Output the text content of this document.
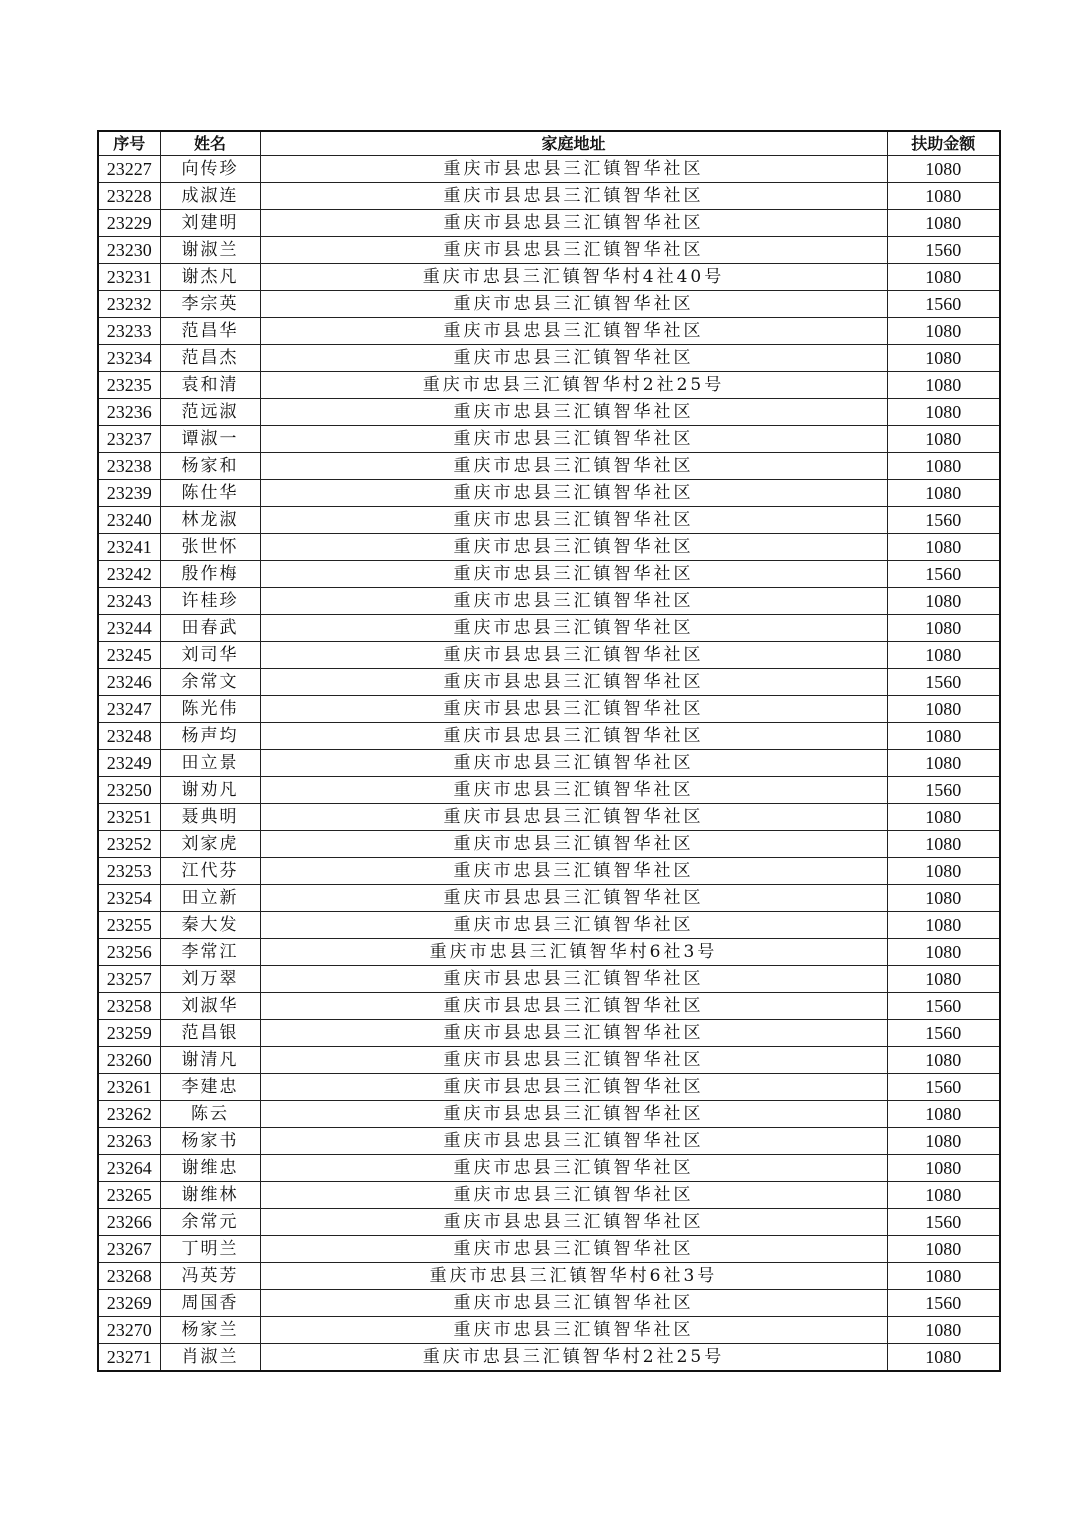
序号	姓名	家庭地址	扶助金额
23227	向传珍	重庆市县忠县三汇镇智华社区	1080
23228	成淑连	重庆市县忠县三汇镇智华社区	1080
23229	刘建明	重庆市县忠县三汇镇智华社区	1080
23230	谢淑兰	重庆市县忠县三汇镇智华社区	1560
23231	谢杰凡	重庆市忠县三汇镇智华村4社40号	1080
23232	李宗英	重庆市忠县三汇镇智华社区	1560
23233	范昌华	重庆市县忠县三汇镇智华社区	1080
23234	范昌杰	重庆市忠县三汇镇智华社区	1080
23235	袁和清	重庆市忠县三汇镇智华村2社25号	1080
23236	范远淑	重庆市忠县三汇镇智华社区	1080
23237	谭淑一	重庆市忠县三汇镇智华社区	1080
23238	杨家和	重庆市忠县三汇镇智华社区	1080
23239	陈仕华	重庆市忠县三汇镇智华社区	1080
23240	林龙淑	重庆市忠县三汇镇智华社区	1560
23241	张世怀	重庆市忠县三汇镇智华社区	1080
23242	殷作梅	重庆市忠县三汇镇智华社区	1560
23243	许桂珍	重庆市忠县三汇镇智华社区	1080
23244	田春武	重庆市忠县三汇镇智华社区	1080
23245	刘司华	重庆市县忠县三汇镇智华社区	1080
23246	余常文	重庆市县忠县三汇镇智华社区	1560
23247	陈光伟	重庆市县忠县三汇镇智华社区	1080
23248	杨声均	重庆市县忠县三汇镇智华社区	1080
23249	田立景	重庆市忠县三汇镇智华社区	1080
23250	谢劝凡	重庆市忠县三汇镇智华社区	1560
23251	聂典明	重庆市县忠县三汇镇智华社区	1080
23252	刘家虎	重庆市忠县三汇镇智华社区	1080
23253	江代芬	重庆市忠县三汇镇智华社区	1080
23254	田立新	重庆市县忠县三汇镇智华社区	1080
23255	秦大发	重庆市忠县三汇镇智华社区	1080
23256	李常江	重庆市忠县三汇镇智华村6社3号	1080
23257	刘万翠	重庆市县忠县三汇镇智华社区	1080
23258	刘淑华	重庆市县忠县三汇镇智华社区	1560
23259	范昌银	重庆市县忠县三汇镇智华社区	1560
23260	谢清凡	重庆市县忠县三汇镇智华社区	1080
23261	李建忠	重庆市县忠县三汇镇智华社区	1560
23262	陈云	重庆市县忠县三汇镇智华社区	1080
23263	杨家书	重庆市县忠县三汇镇智华社区	1080
23264	谢维忠	重庆市忠县三汇镇智华社区	1080
23265	谢维林	重庆市忠县三汇镇智华社区	1080
23266	余常元	重庆市县忠县三汇镇智华社区	1560
23267	丁明兰	重庆市忠县三汇镇智华社区	1080
23268	冯英芳	重庆市忠县三汇镇智华村6社3号	1080
23269	周国香	重庆市忠县三汇镇智华社区	1560
23270	杨家兰	重庆市忠县三汇镇智华社区	1080
23271	肖淑兰	重庆市忠县三汇镇智华村2社25号	1080
